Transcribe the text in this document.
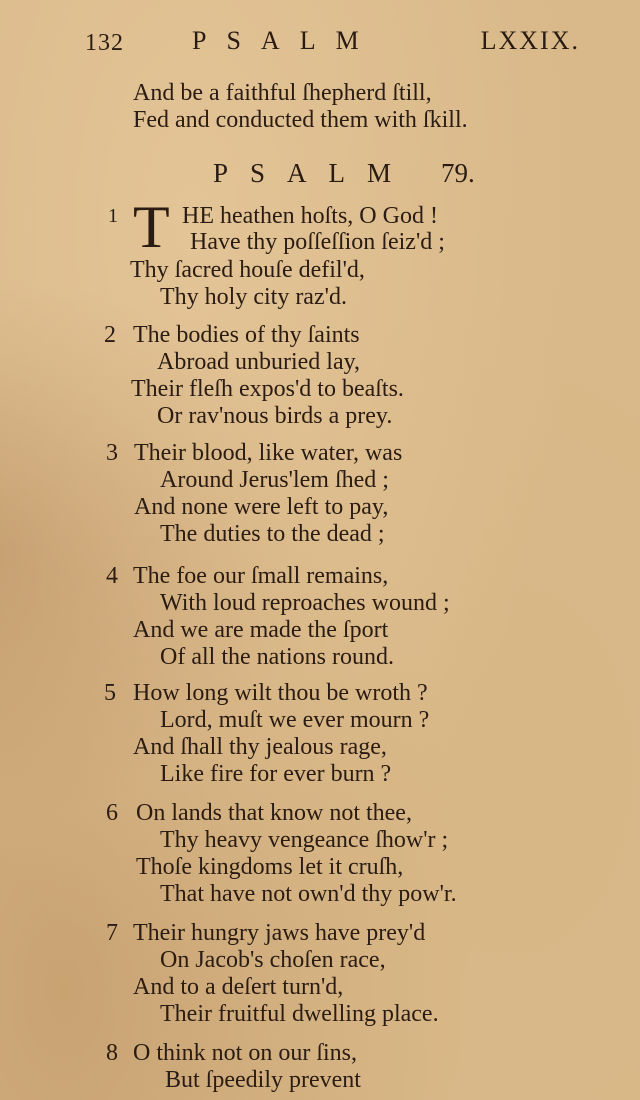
132	PSALM	LXXIX.
And be a faithful ſhepherd ſtill,
Fed and conducted them with ſkill.
PSALM 79.
1 T HE heathen hoſts, O God !
Have thy poſſeſſion ſeiz'd ;
Thy ſacred houſe defil'd,
Thy holy city raz'd.
2 The bodies of thy ſaints
Abroad unburied lay,
Their fleſh expos'd to beaſts.
Or rav'nous birds a prey.
3 Their blood, like water, was
Around Jerus'lem ſhed ;
And none were left to pay,
The duties to the dead ;
4 The foe our ſmall remains,
With loud reproaches wound ;
And we are made the ſport
Of all the nations round.
5 How long wilt thou be wroth ?
Lord, muſt we ever mourn ?
And ſhall thy jealous rage,
Like fire for ever burn ?
6 On lands that know not thee,
Thy heavy vengeance ſhow'r ;
Thoſe kingdoms let it cruſh,
That have not own'd thy pow'r.
7 Their hungry jaws have prey'd
On Jacob's choſen race,
And to a deſert turn'd,
Their fruitful dwelling place.
8 O think not on our ſins,
But ſpeedily prevent
